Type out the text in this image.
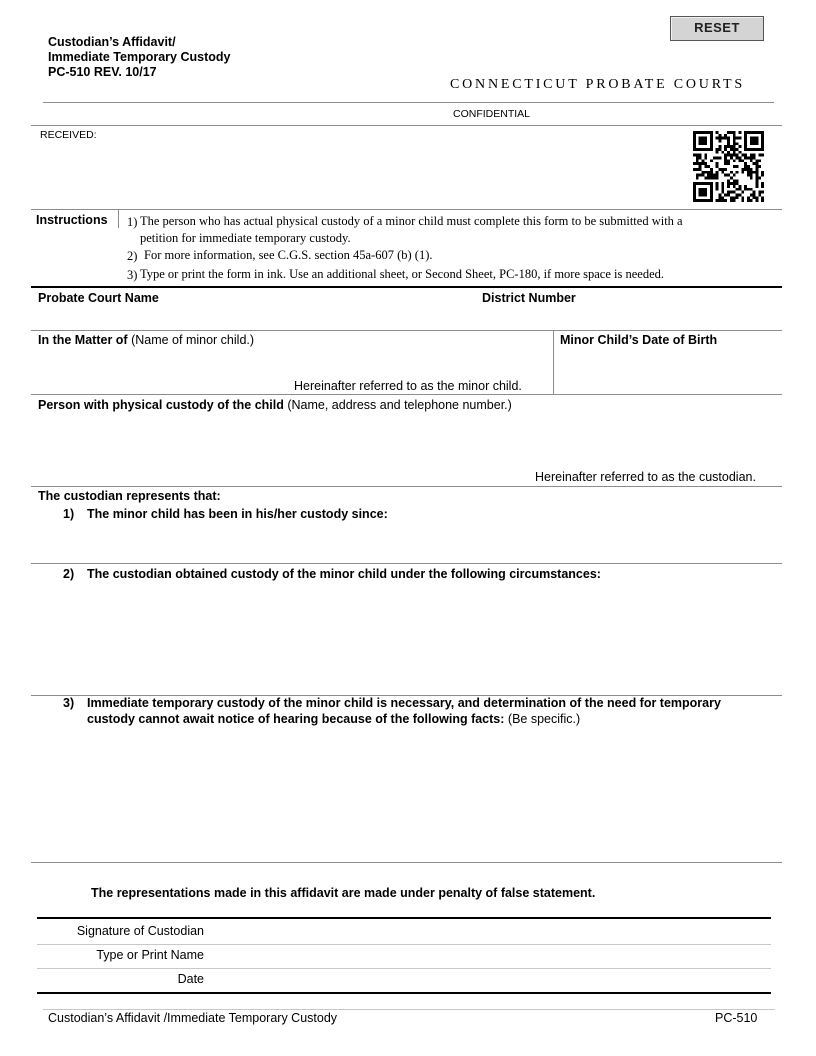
RESET
Custodian’s Affidavit/
Immediate Temporary Custody
PC-510 REV. 10/17
CONNECTICUT PROBATE COURTS
CONFIDENTIAL
RECEIVED:
Instructions 1) The person who has actual physical custody of a minor child must complete this form to be submitted with a
petition for immediate temporary custody.
2) For more information, see C.G.S. section 45a-607 (b) (1).
3) Type or print the form in ink. Use an additional sheet, or Second Sheet, PC-180, if more space is needed.
Probate Court Name	District Number
In the Matter of (Name of minor child.)
Hereinafter referred to as the minor child.
Minor Child’s Date of Birth
Person with physical custody of the child (Name, address and telephone number.)
Hereinafter referred to as the custodian.
The custodian represents that:
1) The minor child has been in his/her custody since:
2) The custodian obtained custody of the minor child under the following circumstances:
3) Immediate temporary custody of the minor child is necessary, and determination of the need for temporary
custody cannot await notice of hearing because of the following facts: (Be specific.)
The representations made in this affidavit are made under penalty of false statement.
Signature of Custodian
Type or Print Name
Date
Custodian’s Affidavit /Immediate Temporary Custody	PC-510
